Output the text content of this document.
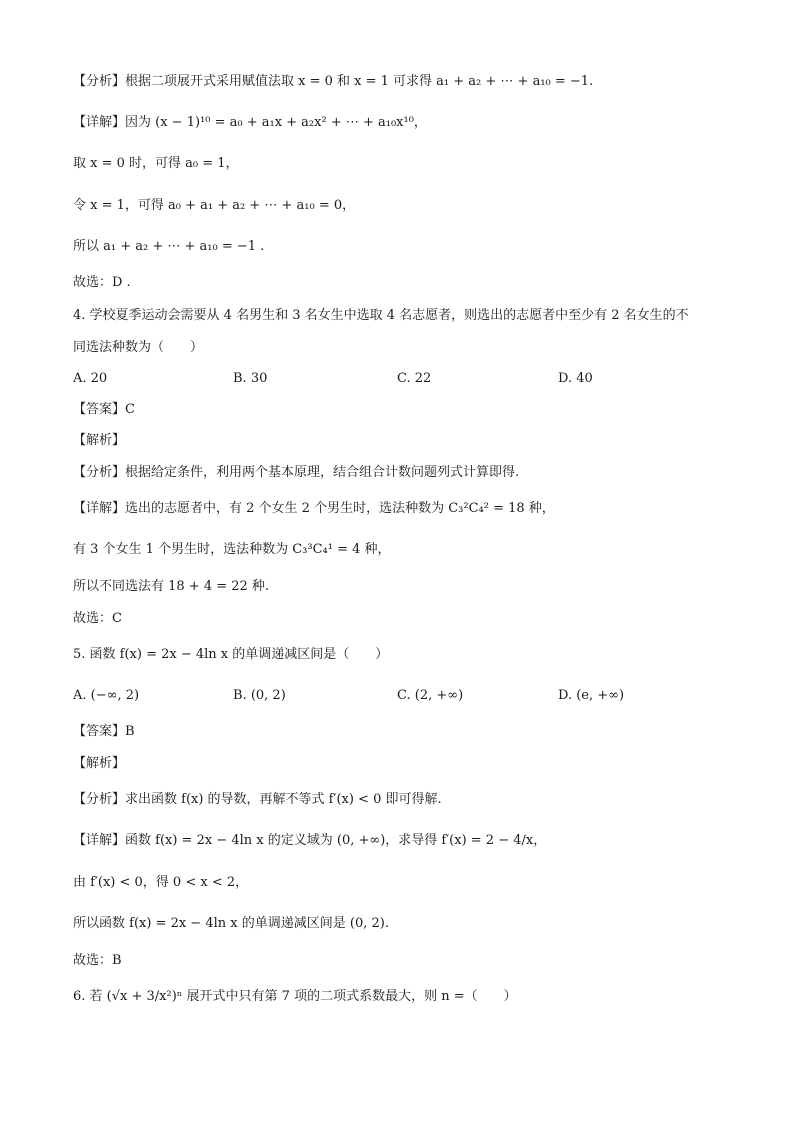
【分析】根据二项展开式采用赋值法取 x = 0 和 x = 1 可求得 a₁ + a₂ + ⋯ + a₁₀ = −1.
【详解】因为 (x − 1)¹⁰ = a₀ + a₁x + a₂x² + ⋯ + a₁₀x¹⁰，
取 x = 0 时，可得 a₀ = 1，
令 x = 1，可得 a₀ + a₁ + a₂ + ⋯ + a₁₀ = 0，
所以 a₁ + a₂ + ⋯ + a₁₀ = −1 .
故选：D .
4. 学校夏季运动会需要从 4 名男生和 3 名女生中选取 4 名志愿者，则选出的志愿者中至少有 2 名女生的不
同选法种数为（　　）
A. 20	B. 30	C. 22	D. 40
【答案】C
【解析】
【分析】根据给定条件，利用两个基本原理，结合组合计数问题列式计算即得.
【详解】选出的志愿者中，有 2 个女生 2 个男生时，选法种数为 C₃²C₄² = 18 种，
有 3 个女生 1 个男生时，选法种数为 C₃³C₄¹ = 4 种，
所以不同选法有 18 + 4 = 22 种.
故选：C
5. 函数 f(x) = 2x − 4ln x 的单调递减区间是（　　）
A. (−∞, 2)	B. (0, 2)	C. (2, +∞)	D. (e, +∞)
【答案】B
【解析】
【分析】求出函数 f(x) 的导数，再解不等式 f′(x) < 0 即可得解.
【详解】函数 f(x) = 2x − 4ln x 的定义域为 (0, +∞)，求导得 f′(x) = 2 − 4/x，
由 f′(x) < 0，得 0 < x < 2，
所以函数 f(x) = 2x − 4ln x 的单调递减区间是 (0, 2).
故选：B
6. 若 (√x + 3/x²)ⁿ 展开式中只有第 7 项的二项式系数最大，则 n =（　　）
